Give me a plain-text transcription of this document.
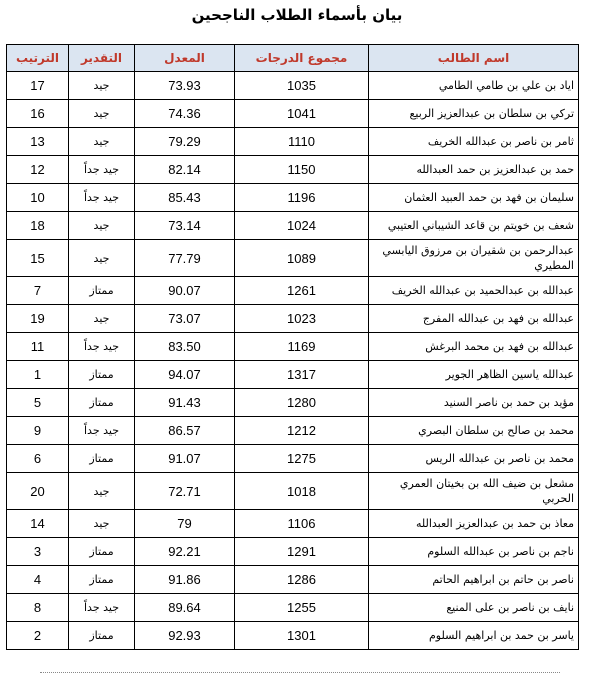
بيان بأسماء الطلاب الناجحين
اسم الطالب	مجموع الدرجات	المعدل	التقدير	الترتيب
اياد بن علي بن طامي الطامي	1035	73.93	جيد	17
تركي بن سلطان بن عبدالعزيز الربيع	1041	74.36	جيد	16
ثامر بن ناصر بن عبدالله الخريف	1110	79.29	جيد	13
حمد بن عبدالعزيز بن حمد العبدالله	1150	82.14	جيد جداً	12
سليمان بن فهد بن حمد العبيد العثمان	1196	85.43	جيد جداً	10
شعف بن خويتم بن قاعد الشيباني العتيبي	1024	73.14	جيد	18
عبدالرحمن بن شقيران بن مرزوق اليابسي المطيري	1089	77.79	جيد	15
عبدالله بن عبدالحميد بن عبدالله الخريف	1261	90.07	ممتاز	7
عبدالله بن فهد بن عبدالله المفرج	1023	73.07	جيد	19
عبدالله بن فهد بن محمد البرغش	1169	83.50	جيد جداً	11
عبدالله ياسين الظاهر الجوير	1317	94.07	ممتاز	1
مؤيد بن حمد بن ناصر السنيد	1280	91.43	ممتاز	5
محمد بن صالح بن سلطان البصري	1212	86.57	جيد جداً	9
محمد بن ناصر بن عبدالله الريس	1275	91.07	ممتاز	6
مشعل بن ضيف الله بن بخيتان العمري الحربي	1018	72.71	جيد	20
معاذ بن حمد بن عبدالعزيز العبدالله	1106	79	جيد	14
ناجم بن ناصر بن عبدالله السلوم	1291	92.21	ممتاز	3
ناصر بن حاتم بن ابراهيم الحاتم	1286	91.86	ممتاز	4
نايف بن ناصر بن على المنيع	1255	89.64	جيد جداً	8
ياسر بن حمد بن ابراهيم السلوم	1301	92.93	ممتاز	2
